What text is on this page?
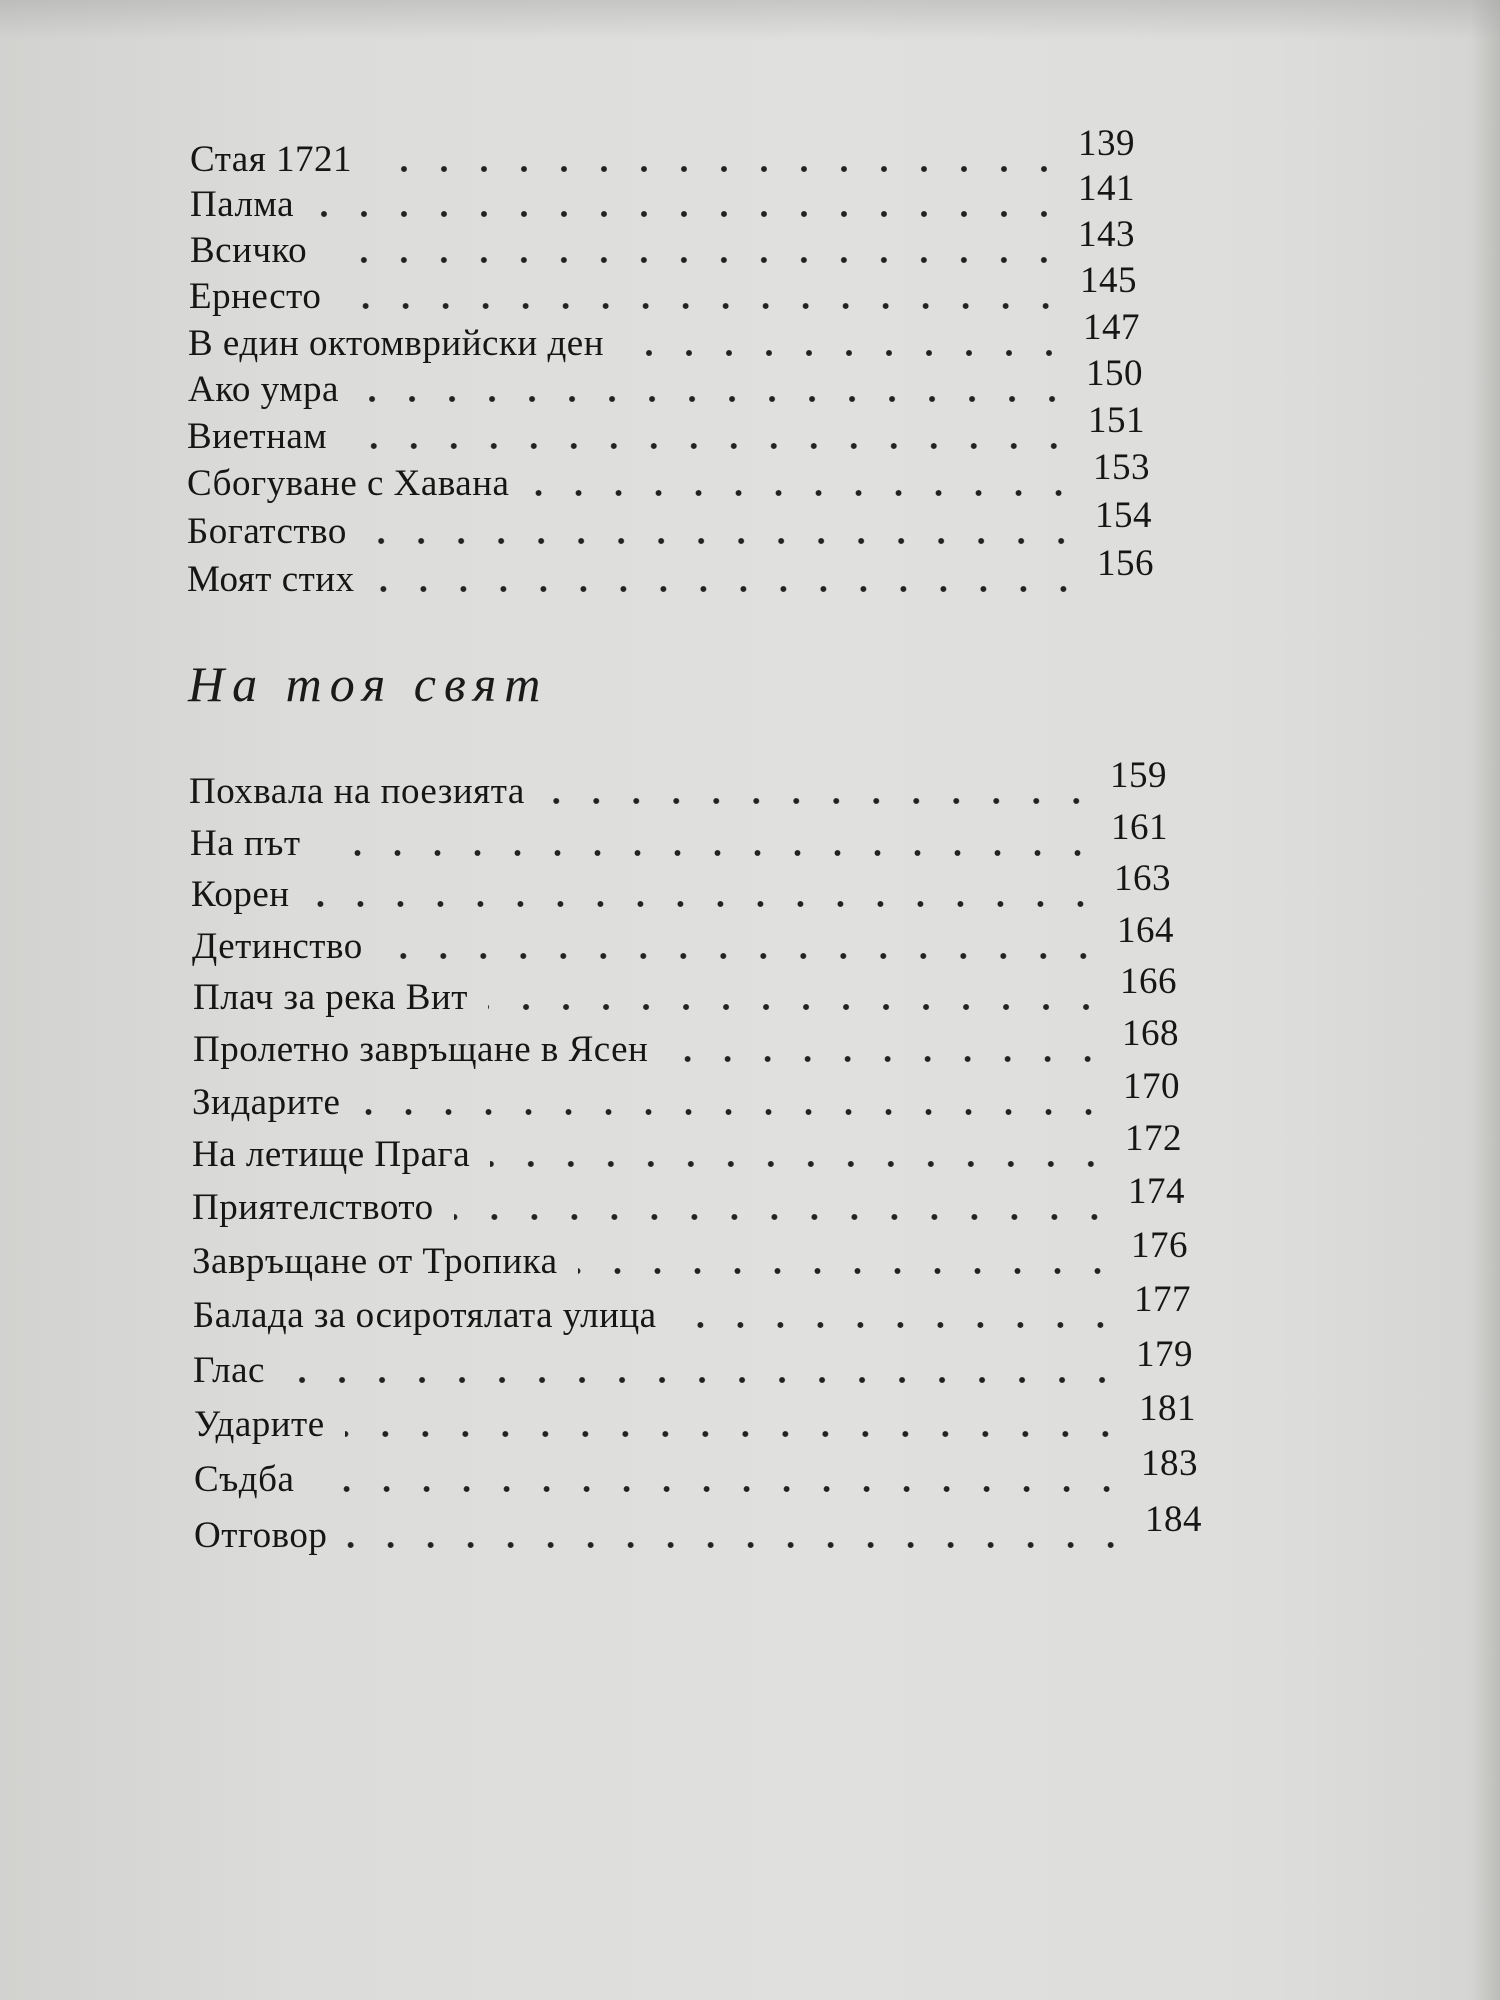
Стая 1721	139
Палма	141
Всичко	143
Ернесто	145
В един октомврийски ден	147
Ако умра	150
Виетнам	151
Сбогуване с Хавана	153
Богатство	154
Моят стих	156
На тоя свят
Похвала на поезията	159
На път	161
Корен	163
Детинство	164
Плач за река Вит	166
Пролетно завръщане в Ясен	168
Зидарите	170
На летище Прага	172
Приятелството	174
Завръщане от Тропика	176
Балада за осиротялата улица	177
Глас	179
Ударите	181
Съдба	183
Отговор	184
